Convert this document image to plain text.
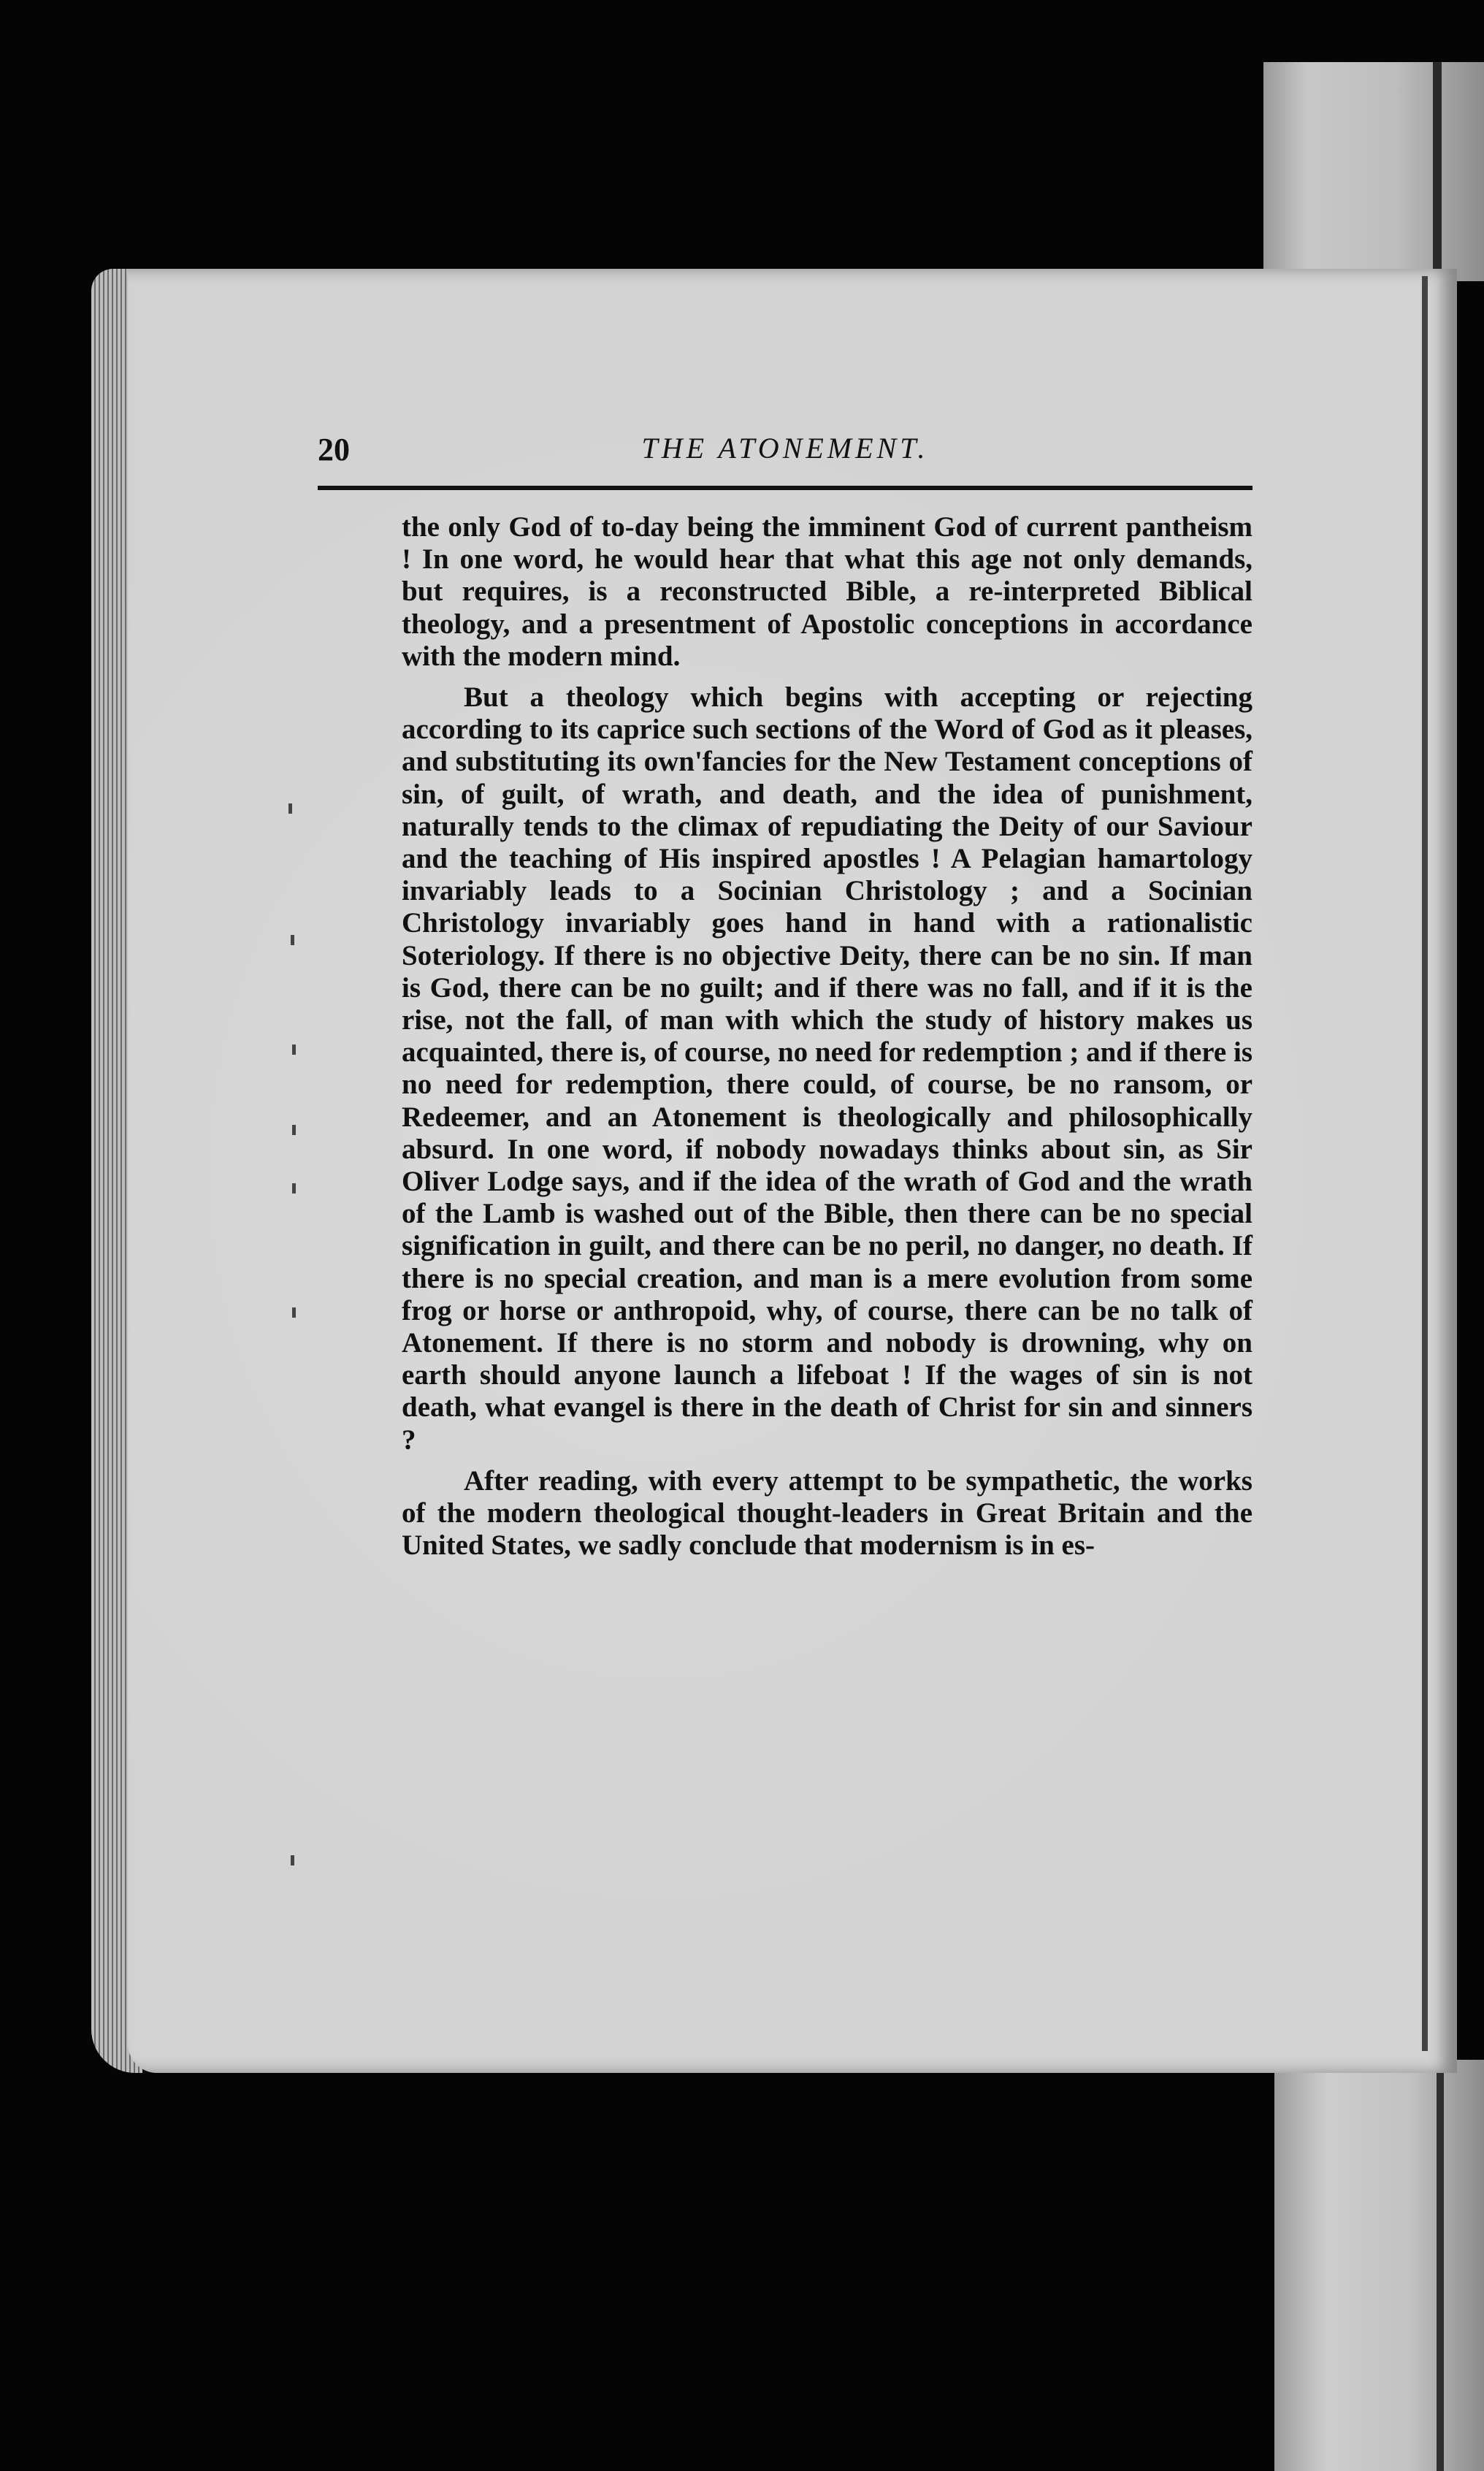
20	THE ATONEMENT.

the only God of to-day being the imminent God of current pantheism ! In one word, he would hear that what this age not only demands, but requires, is a reconstructed Bible, a re-interpreted Biblical theology, and a presentment of Apostolic conceptions in accordance with the modern mind.

But a theology which begins with accepting or rejecting according to its caprice such sections of the Word of God as it pleases, and substituting its own'fancies for the New Testament conceptions of sin, of guilt, of wrath, and death, and the idea of punishment, naturally tends to the climax of repudiating the Deity of our Saviour and the teaching of His inspired apostles ! A Pelagian hamartology invariably leads to a Socinian Christology ; and a Socinian Christology invariably goes hand in hand with a rationalistic Soteriology. If there is no objective Deity, there can be no sin. If man is God, there can be no guilt; and if there was no fall, and if it is the rise, not the fall, of man with which the study of history makes us acquainted, there is, of course, no need for redemption ; and if there is no need for redemption, there could, of course, be no ransom, or Redeemer, and an Atonement is theologically and philosophically absurd. In one word, if nobody nowadays thinks about sin, as Sir Oliver Lodge says, and if the idea of the wrath of God and the wrath of the Lamb is washed out of the Bible, then there can be no special signification in guilt, and there can be no peril, no danger, no death. If there is no special creation, and man is a mere evolution from some frog or horse or anthropoid, why, of course, there can be no talk of Atonement. If there is no storm and nobody is drowning, why on earth should anyone launch a lifeboat ! If the wages of sin is not death, what evangel is there in the death of Christ for sin and sinners ?

After reading, with every attempt to be sympathetic, the works of the modern theological thought-leaders in Great Britain and the United States, we sadly conclude that modernism is in es-
